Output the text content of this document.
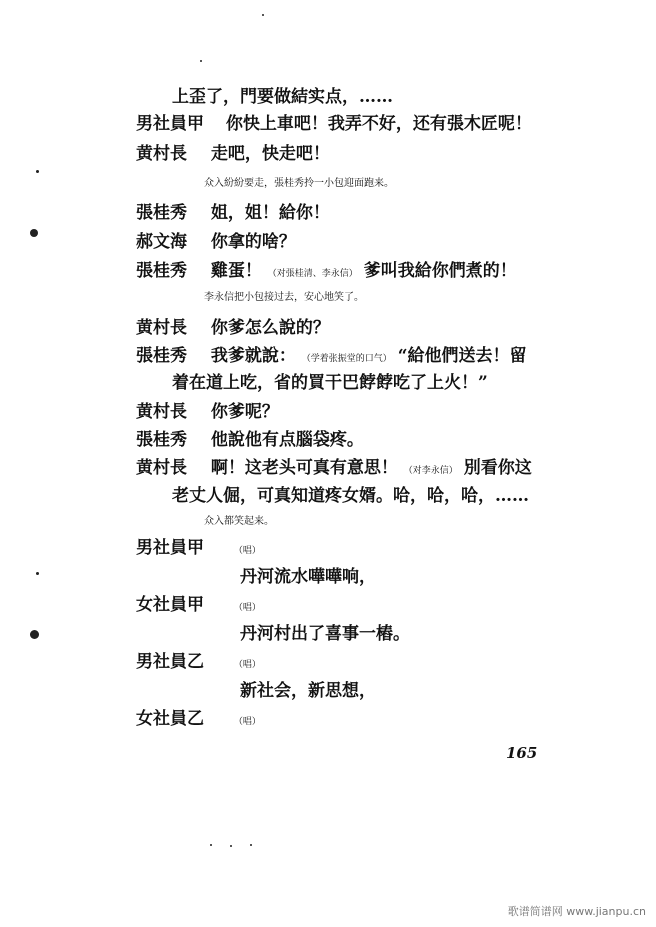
上歪了，門要做結实点，……
男社員甲 你快上車吧！我弄不好，还有張木匠呢！
黄村長 走吧，快走吧！
众入紛紛要走，張桂秀拎一小包迎面跑来。
張桂秀 姐，姐！給你！
郝文海 你拿的啥？
張桂秀 雞蛋！ （对張桂清、李永信） 爹叫我給你們煮的！
李永信把小包接过去，安心地笑了。
黄村長 你爹怎么說的？
張桂秀 我爹就說： （学着张振堂的口气） “給他們送去！留
着在道上吃，省的買干巴餑餑吃了上火！”
黄村長 你爹呢？
張桂秀 他說他有点腦袋疼。
黄村長 啊！这老头可真有意思！ （对李永信） 別看你这
老丈人倔，可真知道疼女婿。哈，哈，哈，……
众入都笑起来。
男社員甲	（唱）
丹河流水嘩嘩响，
女社員甲	（唱）
丹河村出了喜事一樁。
男社員乙	（唱）
新社会，新思想，
女社員乙	（唱）
165
歌谱简谱网 www.jianpu.cn
